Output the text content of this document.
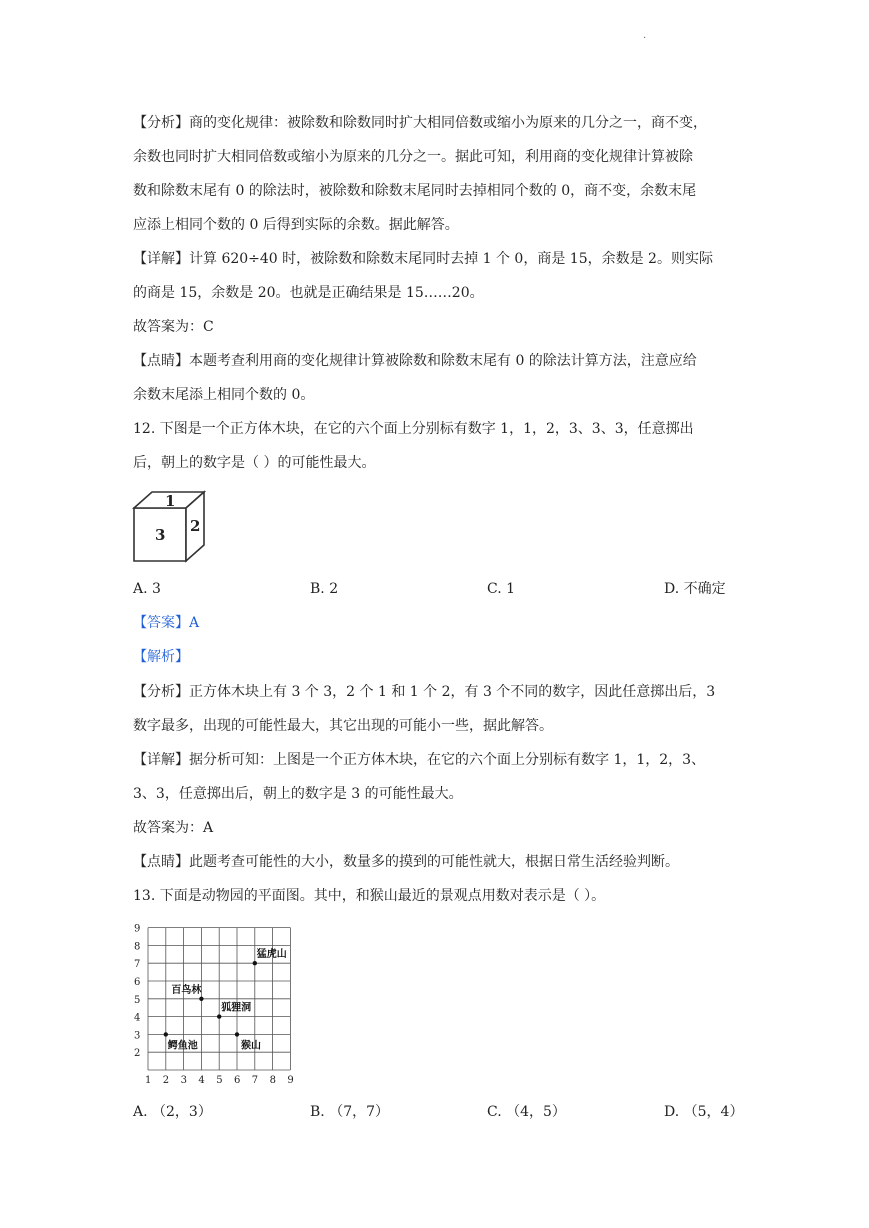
.
【分析】商的变化规律：被除数和除数同时扩大相同倍数或缩小为原来的几分之一，商不变，
余数也同时扩大相同倍数或缩小为原来的几分之一。据此可知，利用商的变化规律计算被除
数和除数末尾有 0 的除法时，被除数和除数末尾同时去掉相同个数的 0，商不变，余数末尾
应添上相同个数的 0 后得到实际的余数。据此解答。
【详解】计算 620÷40 时，被除数和除数末尾同时去掉 1 个 0，商是 15，余数是 2。则实际
的商是 15，余数是 20。也就是正确结果是 15……20。
故答案为：C
【点睛】本题考查利用商的变化规律计算被除数和除数末尾有 0 的除法计算方法，注意应给
余数末尾添上相同个数的 0。
12. 下图是一个正方体木块，在它的六个面上分别标有数字 1，1，2，3、3、3，任意掷出
后，朝上的数字是（ ）的可能性最大。
1
3 2
A. 3	B. 2	C. 1	D. 不确定
【答案】A
【解析】
【分析】正方体木块上有 3 个 3，2 个 1 和 1 个 2，有 3 个不同的数字，因此任意掷出后，3
数字最多，出现的可能性最大，其它出现的可能小一些，据此解答。
【详解】据分析可知：上图是一个正方体木块，在它的六个面上分别标有数字 1，1，2，3、
3、3，任意掷出后，朝上的数字是 3 的可能性最大。
故答案为：A
【点睛】此题考查可能性的大小，数量多的摸到的可能性就大，根据日常生活经验判断。
13. 下面是动物园的平面图。其中，和猴山最近的景观点用数对表示是（ ）。
1 2 3 4 5 6 7 8 9
2
3
4
5
6
7
8
9
猛虎山
百鸟林
狐狸洞
鳄鱼池	猴山
A. （2，3）	B. （7，7）	C. （4，5）	D. （5，4）
